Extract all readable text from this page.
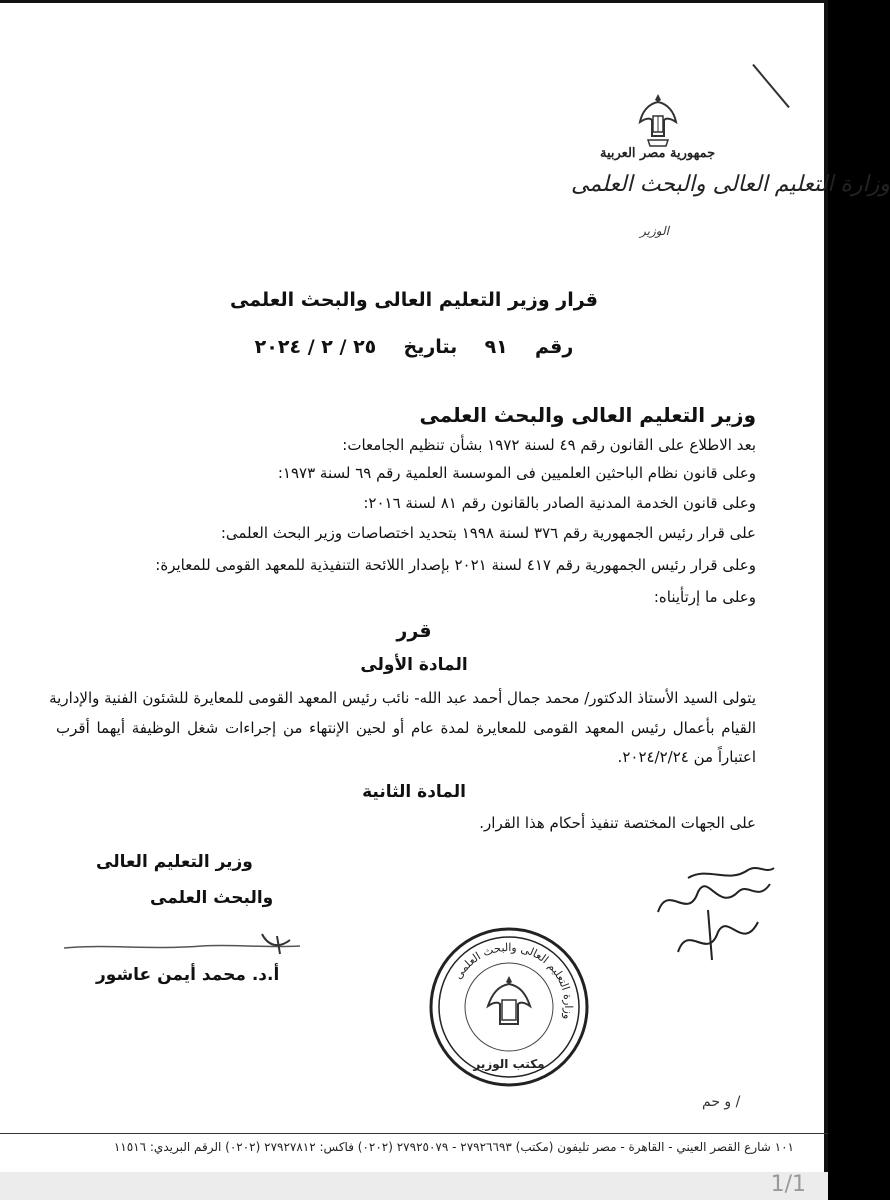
جمهورية مصر العربية
وزارة التعليم العالى والبحث العلمى
الوزير
قرار وزير التعليم العالى والبحث العلمى
رقم  ٩١  بتاريخ  ٢٥ / ٢ / ٢٠٢٤
وزير التعليم العالى والبحث العلمى
بعد الاطلاع على القانون رقم ٤٩ لسنة ١٩٧٢ بشأن تنظيم الجامعات:
وعلى قانون نظام الباحثين العلميين فى الموسسة العلمية رقم ٦٩ لسنة ١٩٧٣:
وعلى قانون الخدمة المدنية الصادر بالقانون رقم ٨١ لسنة ٢٠١٦:
على قرار رئيس الجمهورية رقم ٣٧٦ لسنة ١٩٩٨ بتحديد اختصاصات وزير البحث العلمى:
وعلى قرار رئيس الجمهورية رقم ٤١٧ لسنة ٢٠٢١ بإصدار اللائحة التنفيذية للمعهد القومى للمعايرة:
وعلى ما إرتأيناه:
قرر
المادة الأولى
يتولى السيد الأستاذ الدكتور/ محمد جمال أحمد عبد الله- نائب رئيس المعهد القومى للمعايرة للشئون الفنية والإدارية
القيام بأعمال رئيس المعهد القومى للمعايرة لمدة عام أو لحين الإنتهاء من إجراءات شغل الوظيفة أيهما أقرب
اعتباراً من ٢٠٢٤/٢/٢٤.
المادة الثانية
على الجهات المختصة تنفيذ أحكام هذا القرار.
وزير التعليم العالى
والبحث العلمى
أ.د. محمد أيمن عاشور	وزارة التعليم العالى والبحث العلمى
مكتب الوزير
/ و حم
١٠١ شارع القصر العيني - القاهرة - مصر تليفون (مكتب) ٢٧٩٢٦٦٩٣ - ٢٧٩٢٥٠٧٩ (٠٢٠٢) فاكس: ٢٧٩٢٧٨١٢ (٠٢٠٢) الرقم البريدي: ١١٥١٦
1/1
